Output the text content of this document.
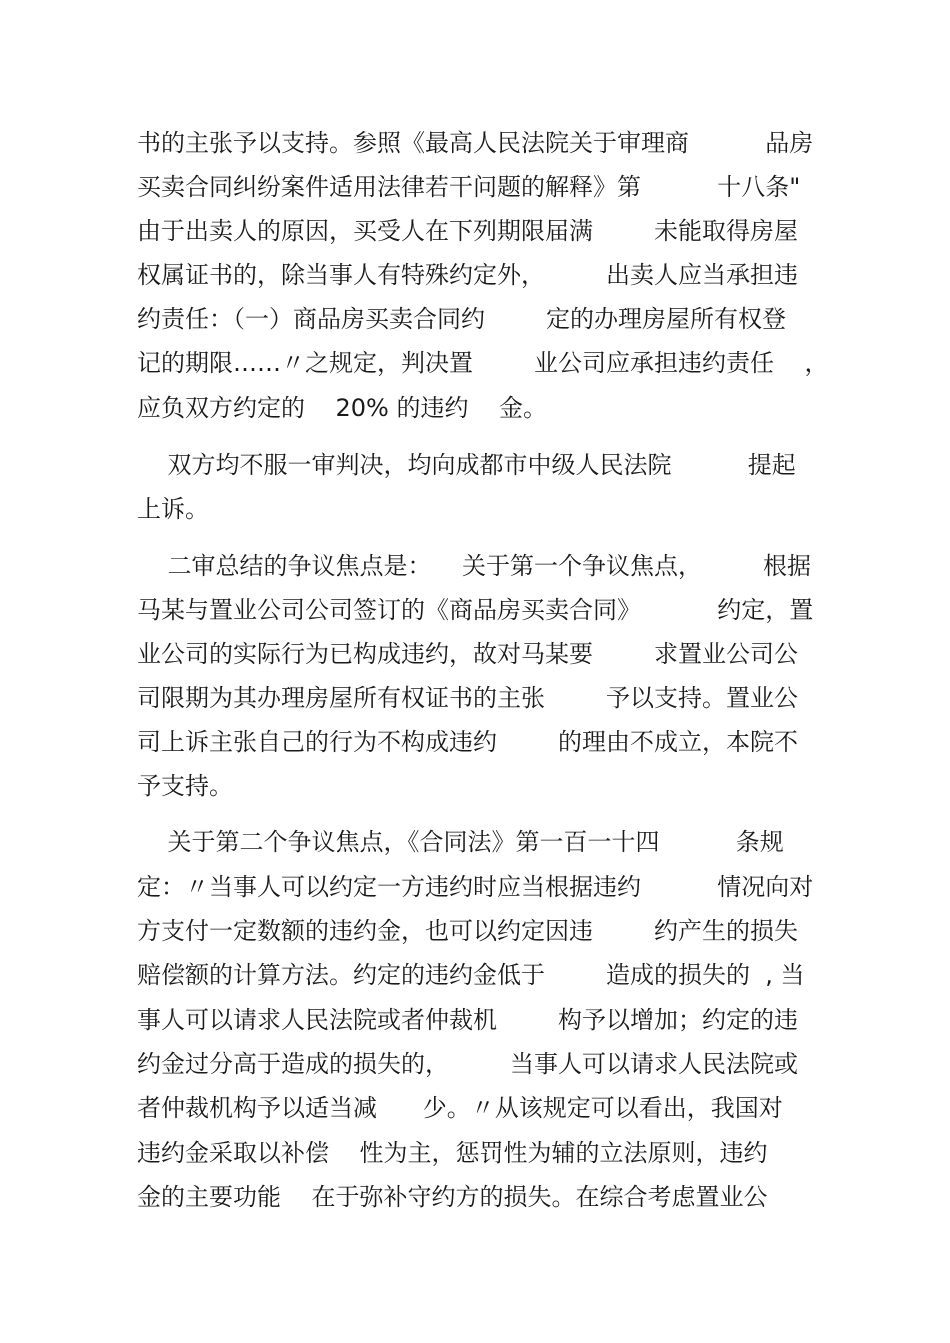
书的主张予以支持。参照《最高人民法院关于审理商          品房
买卖合同纠纷案件适用法律若干问题的解释》第          十八条"
由于出卖人的原因，买受人在下列期限届满        未能取得房屋
权属证书的，除当事人有特殊约定外，        出卖人应当承担违
约责任：（一）商品房买卖合同约        定的办理房屋所有权登
记的期限……〃之规定，判决置        业公司应承担违约责任    ，
应负双方约定的    20% 的违约    金。
双方均不服一审判决，均向成都市中级人民法院          提起
上诉。
二审总结的争议焦点是：    关于第一个争议焦点，        根据
马某与置业公司公司签订的《商品房买卖合同》          约定，置
业公司的实际行为已构成违约，故对马某要        求置业公司公
司限期为其办理房屋所有权证书的主张        予以支持。置业公
司上诉主张自己的行为不构成违约        的理由不成立，本院不
予支持。
关于第二个争议焦点，《合同法》第一百一十四          条规
定：〃当事人可以约定一方违约时应当根据违约          情况向对
方支付一定数额的违约金，也可以约定因违        约产生的损失
赔偿额的计算方法。约定的违约金低于        造成的损失的  , 当
事人可以请求人民法院或者仲裁机        构予以增加；约定的违
约金过分高于造成的损失的，        当事人可以请求人民法院或
者仲裁机构予以适当减      少。〃从该规定可以看出，我国对
违约金采取以补偿    性为主，惩罚性为辅的立法原则，违约
金的主要功能    在于弥补守约方的损失。在综合考虑置业公
